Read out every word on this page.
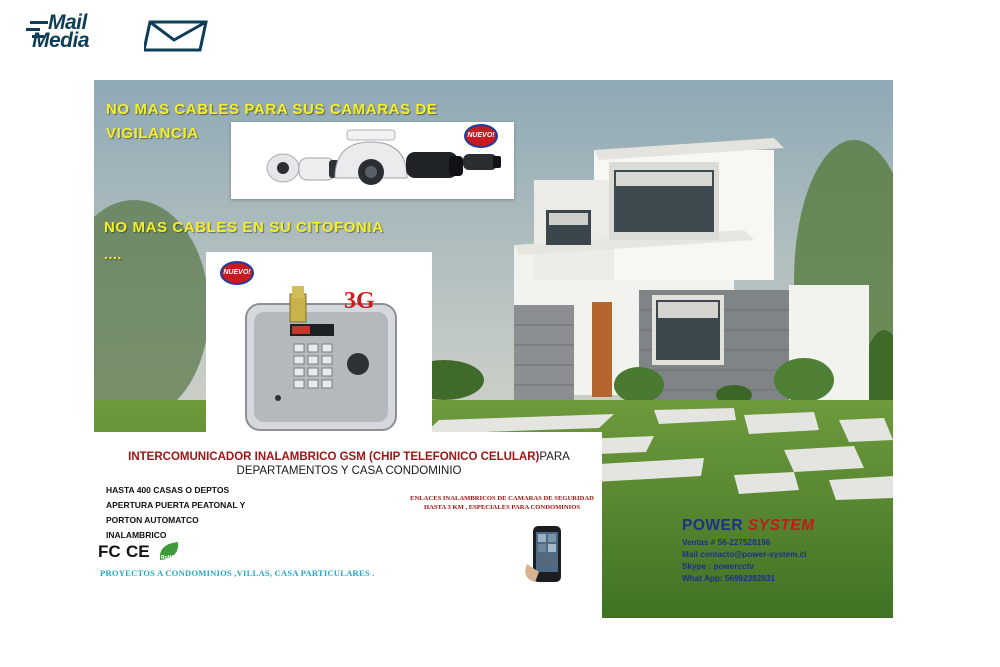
Mail
Media
NO MAS CABLES PARA SUS CAMARAS DE VIGILANCIA	NUEVO!
NUEVO!
3G
NO MAS CABLES EN SU CITOFONIA
....
INTERCOMUNICADOR INALAMBRICO GSM (CHIP TELEFONICO CELULAR)PARA DEPARTAMENTOS Y CASA CONDOMINIO
HASTA 400 CASAS O DEPTOS
APERTURA PUERTA PEATONAL Y
PORTON AUTOMATCO
INALAMBRICO
FC CE RoHS
ENLACES INALAMBRICOS DE CAMARAS DE SEGURIDAD HASTA 3 KM , ESPECIALES PARA CONDOMINIOS
PROYECTOS A CONDOMINIOS ,VILLAS, CASA PARTICULARES .
POWER SYSTEM
Ventas # 56-227528196
Mail contacto@power-system.cl
Skype : powercctv
What App: 56992382831
